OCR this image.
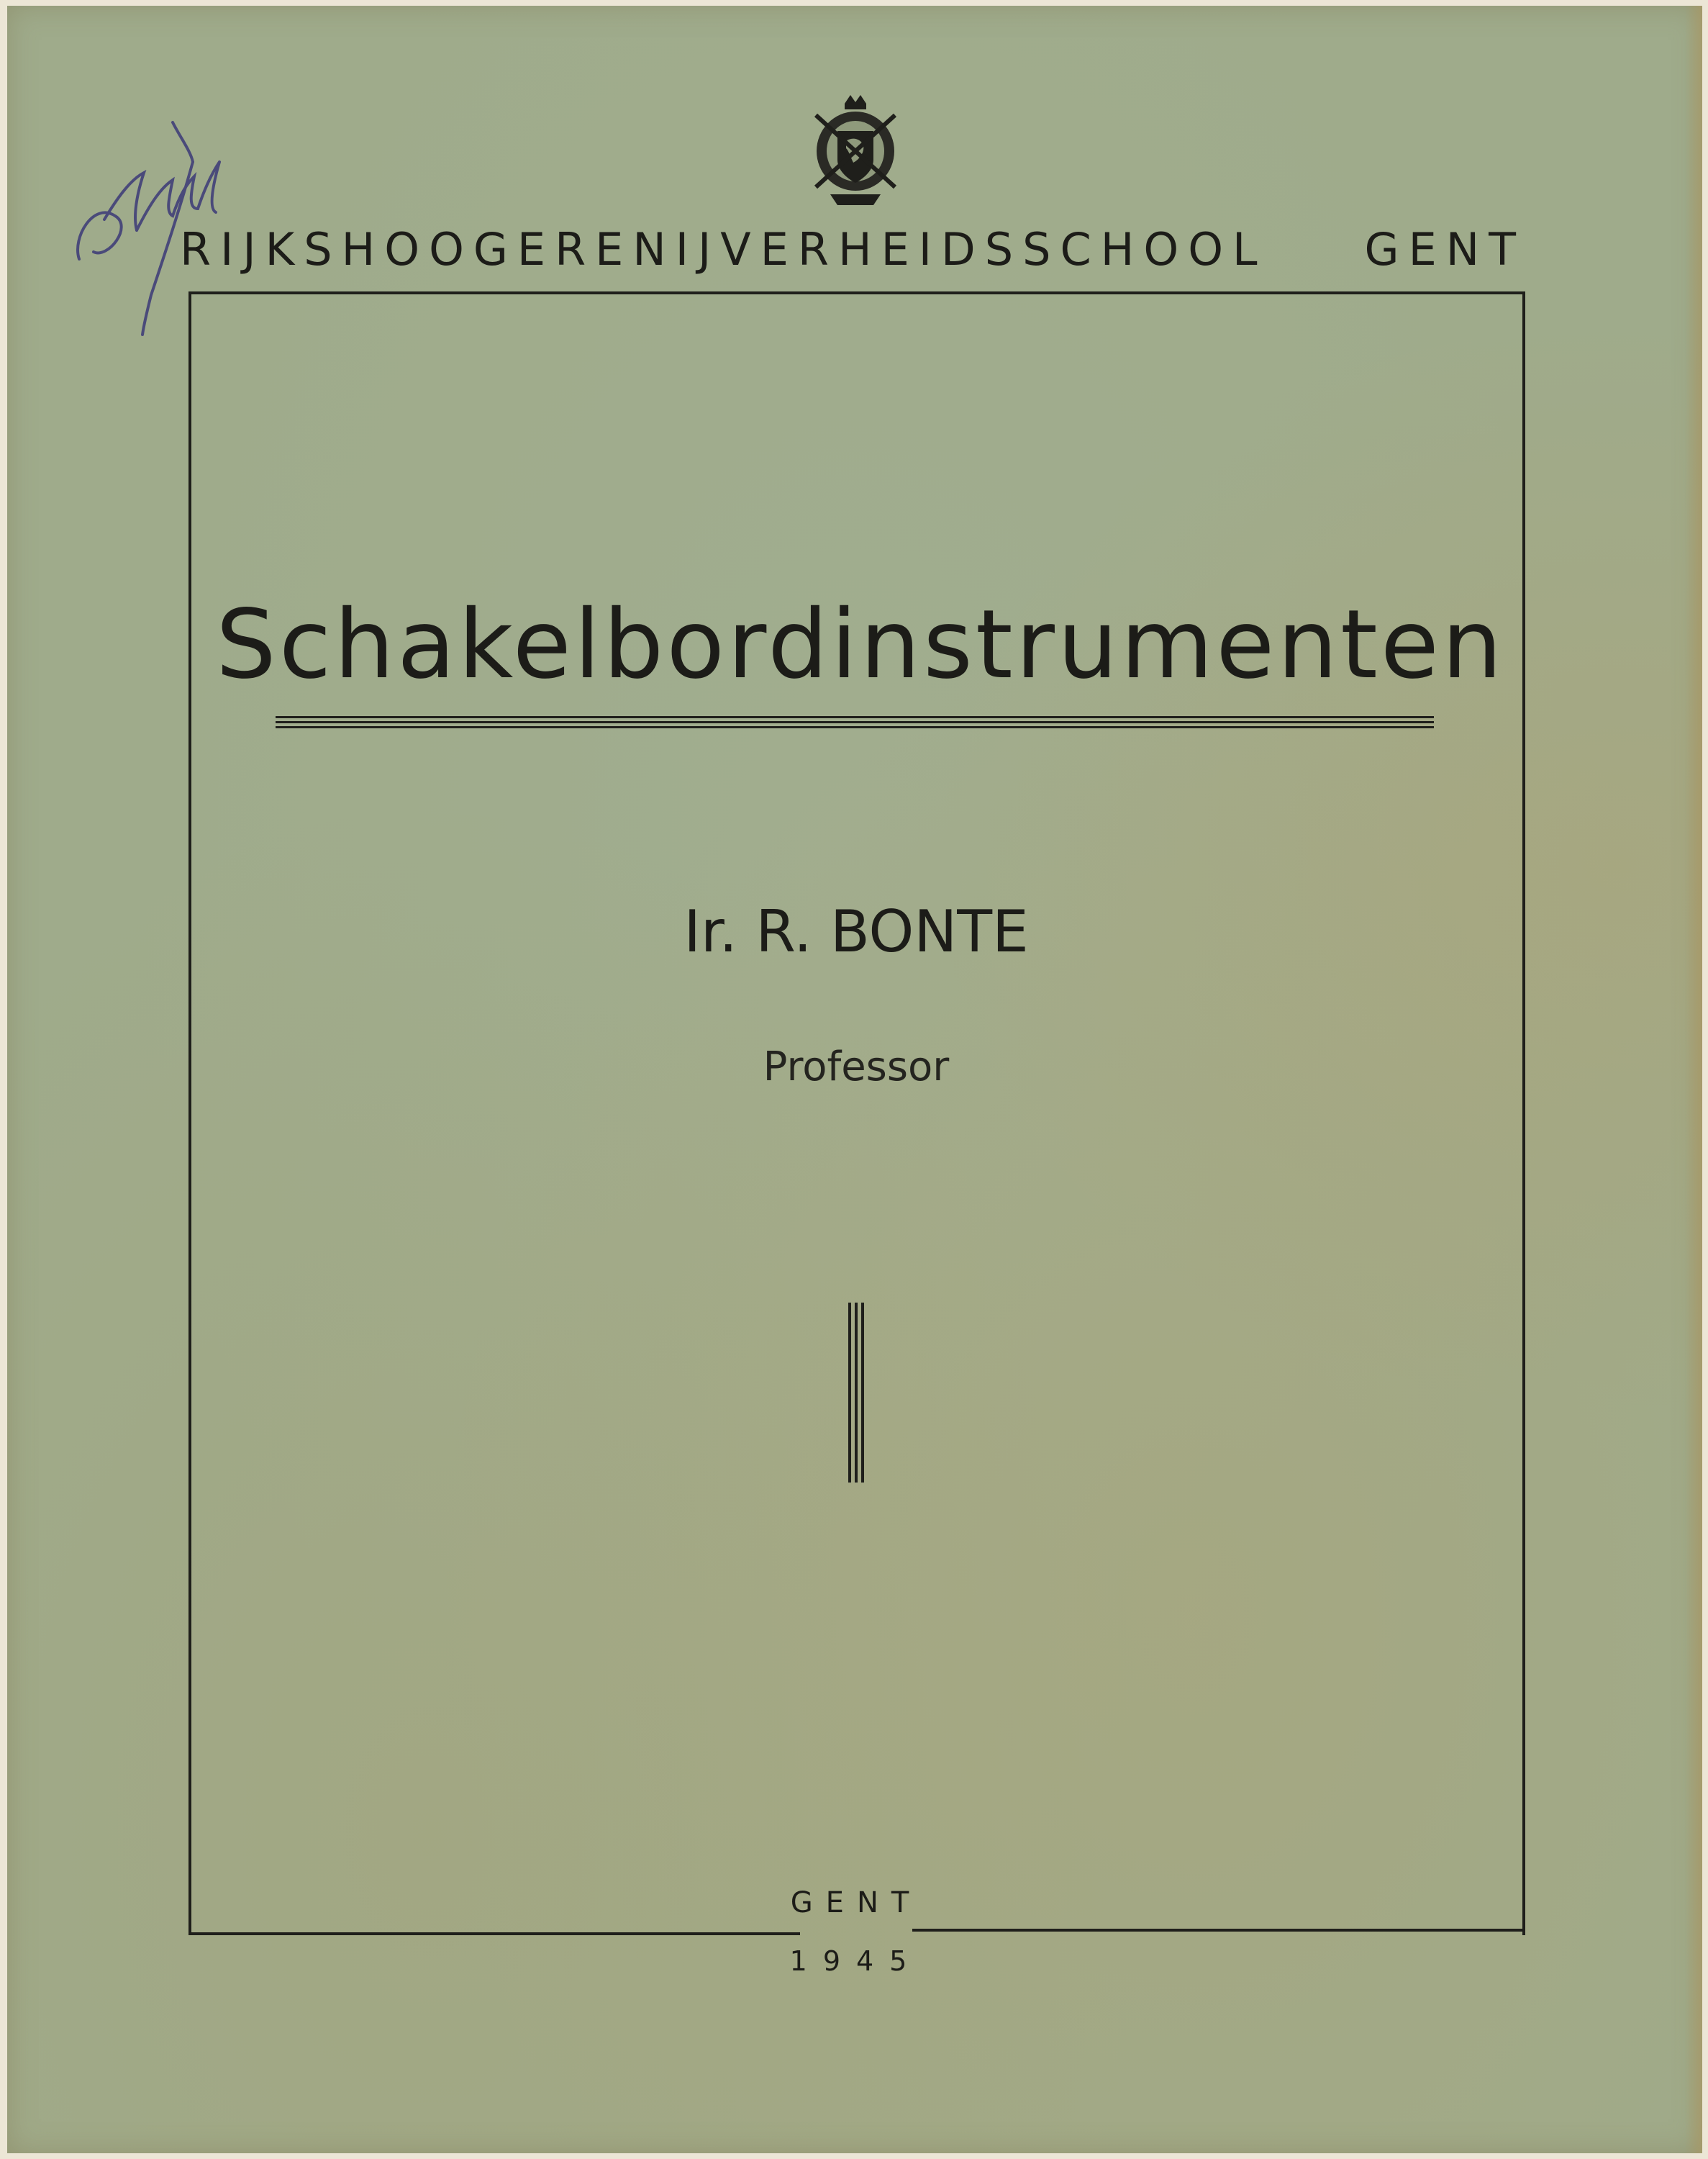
RIJKSHOOGERENIJVERHEIDSSCHOOL GENT
Schakelbordinstrumenten
Ir. R. BONTE
Professor
GENT
1945
